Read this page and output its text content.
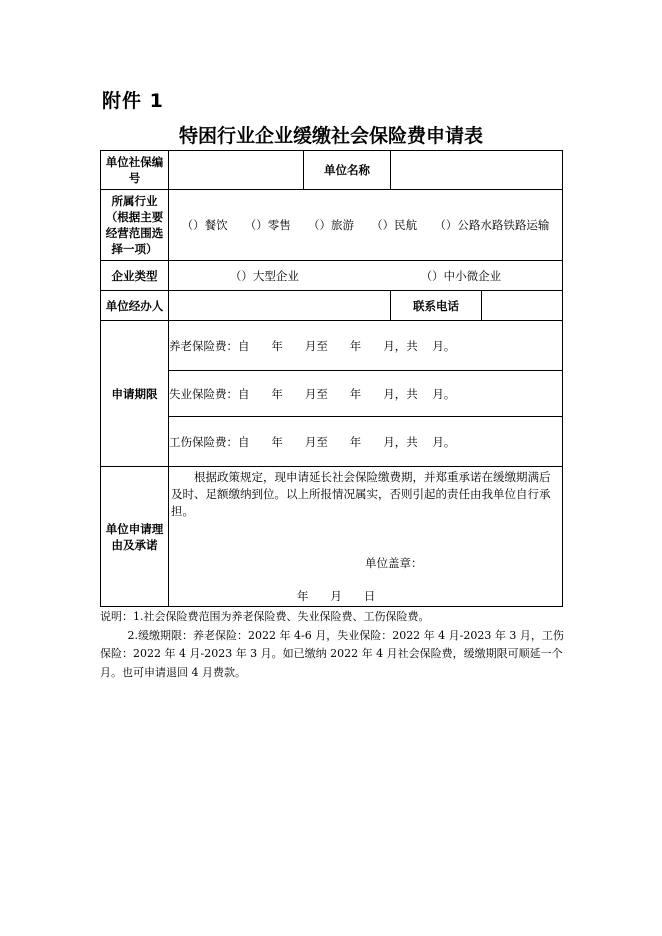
附件 1
特困行业企业缓缴社会保险费申请表
单位社保编号		单位名称		
所属行业（根据主要经营范围选择一项）	（）餐饮 （）零售 （）旅游 （）民航 （）公路水路铁路运输			

企业类型	（）大型企业 （）中小微企业			

单位经办人			联系电话	
申请期限	养老保险费：自      年      月至      年      月，共    月。			
	失业保险费：自      年      月至      年      月，共    月。			
	工伤保险费：自      年      月至      年      月，共    月。			
单位申请理由及承诺	根据政策规定，现申请延长社会保险缴费期，并郑重承诺在缓缴期满后及时、足额缴纳到位。以上所报情况属实，否则引起的责任由我单位自行承担。
单位盖章：
年      月      日			
说明：1.社会保险费范围为养老保险费、失业保险费、工伤保险费。
2.缓缴期限：养老保险：2022 年 4-6 月，失业保险：2022 年 4 月-2023 年 3 月，工伤保险：2022 年 4 月-2023 年 3 月。如已缴纳 2022 年 4 月社会保险费，缓缴期限可顺延一个月。也可申请退回 4 月费款。
